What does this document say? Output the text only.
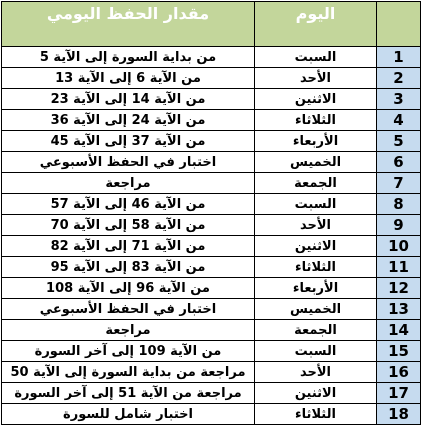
	اليوم	مقدار الحفظ اليومي
1	السبت	من بداية السورة إلى الآية 5
2	الأحد	من الآية 6 إلى الآية 13
3	الاثنين	من الآية 14 إلى الآية 23
4	الثلاثاء	من الآية 24 إلى الآية 36
5	الأربعاء	من الآية 37 إلى الآية 45
6	الخميس	اختبار في الحفظ الأسبوعي
7	الجمعة	مراجعة
8	السبت	من الآية 46 إلى الآية 57
9	الأحد	من الآية 58 إلى الآية 70
10	الاثنين	من الآية 71 إلى الآية 82
11	الثلاثاء	من الآية 83 إلى الآية 95
12	الأربعاء	من الآية 96 إلى الآية 108
13	الخميس	اختبار في الحفظ الأسبوعي
14	الجمعة	مراجعة
15	السبت	من الآية 109 إلى آخر السورة
16	الأحد	مراجعة من بداية السورة إلى الآية 50
17	الاثنين	مراجعة من الآية 51 إلى آخر السورة
18	الثلاثاء	اختبار شامل للسورة
